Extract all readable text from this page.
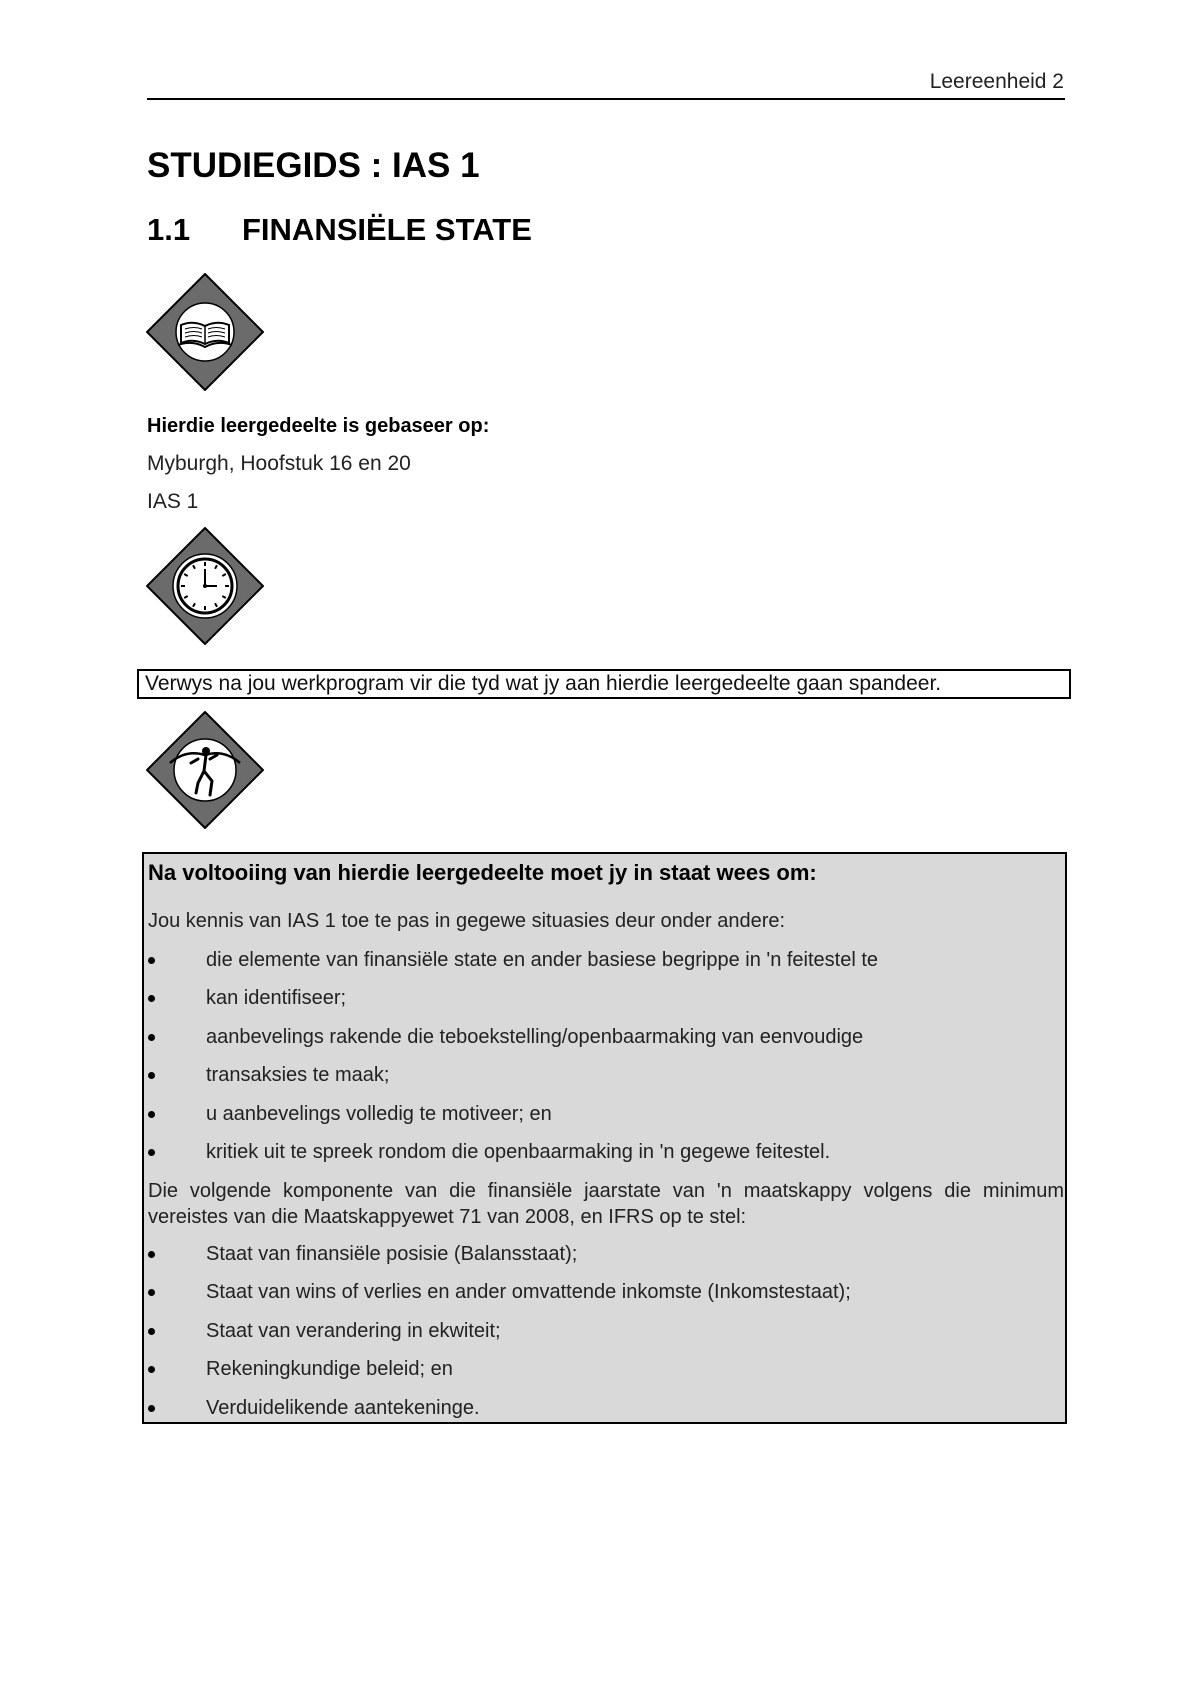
Leereenheid 2
STUDIEGIDS : IAS 1
1.1 FINANSIËLE STATE
Hierdie leergedeelte is gebaseer op:
Myburgh, Hoofstuk 16 en 20
IAS 1
Verwys na jou werkprogram vir die tyd wat jy aan hierdie leergedeelte gaan spandeer.
Na voltooiing van hierdie leergedeelte moet jy in staat wees om:
Jou kennis van IAS 1 toe te pas in gegewe situasies deur onder andere:
die elemente van finansiële state en ander basiese begrippe in 'n feitestel te
kan identifiseer;
aanbevelings rakende die teboekstelling/openbaarmaking van eenvoudige
transaksies te maak;
u aanbevelings volledig te motiveer; en
kritiek uit te spreek rondom die openbaarmaking in 'n gegewe feitestel.
Die volgende komponente van die finansiële jaarstate van 'n maatskappy volgens die minimum vereistes van die Maatskappyewet 71 van 2008, en IFRS op te stel:
Staat van finansiële posisie (Balansstaat);
Staat van wins of verlies en ander omvattende inkomste (Inkomstestaat);
Staat van verandering in ekwiteit;
Rekeningkundige beleid; en
Verduidelikende aantekeninge.
